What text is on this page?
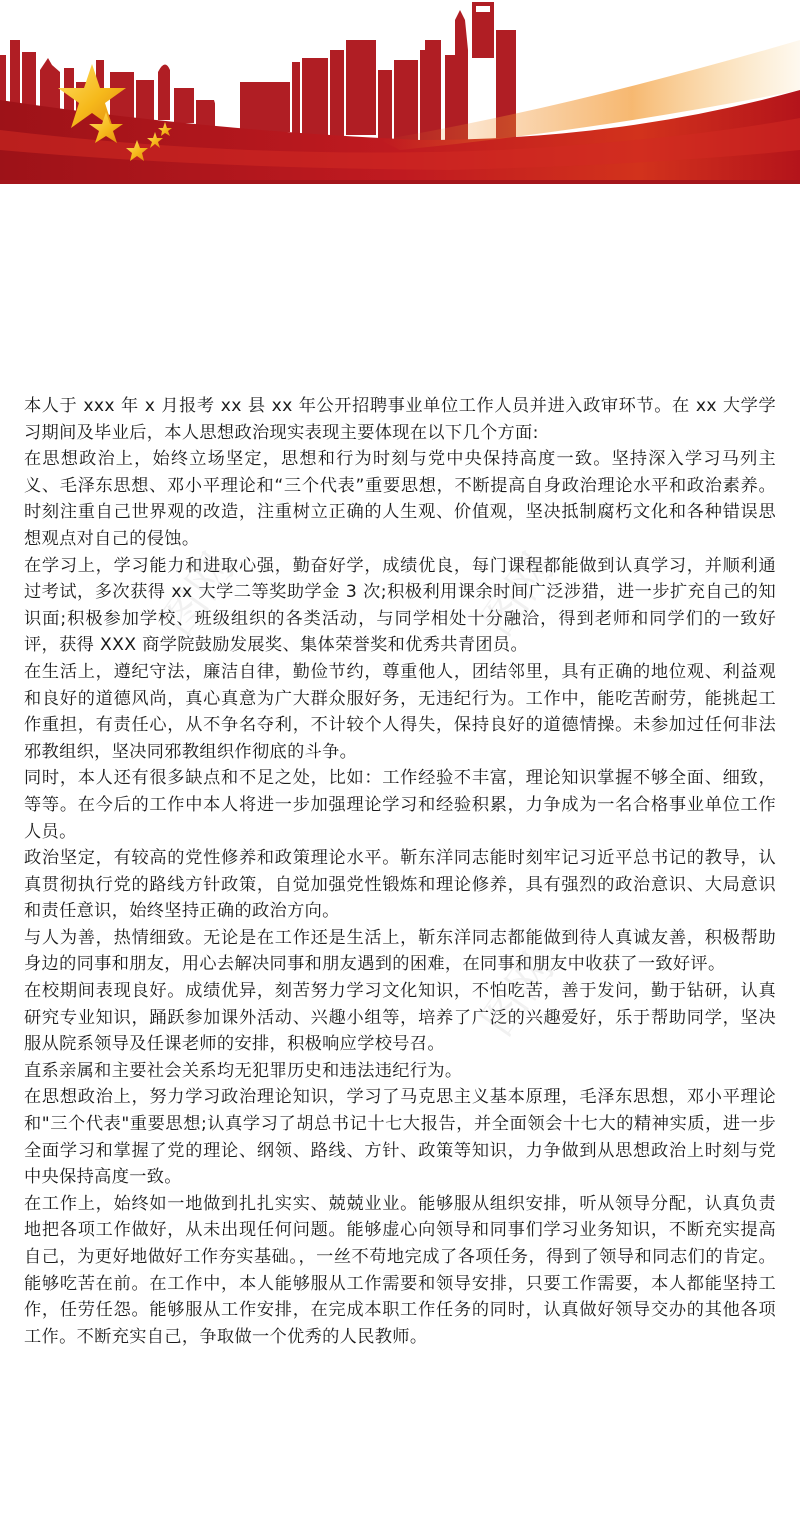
图网	图网
图网

本人于 xxx 年 x 月报考 xx 县 xx 年公开招聘事业单位工作人员并进入政审环节。在 xx 大学学习期间及毕业后，本人思想政治现实表现主要体现在以下几个方面:

在思想政治上，始终立场坚定，思想和行为时刻与党中央保持高度一致。坚持深入学习马列主义、毛泽东思想、邓小平理论和“三个代表”重要思想，不断提高自身政治理论水平和政治素养。时刻注重自己世界观的改造，注重树立正确的人生观、价值观，坚决抵制腐朽文化和各种错误思想观点对自己的侵蚀。

在学习上，学习能力和进取心强，勤奋好学，成绩优良，每门课程都能做到认真学习，并顺利通过考试，多次获得 xx 大学二等奖助学金 3 次;积极利用课余时间广泛涉猎，进一步扩充自己的知识面;积极参加学校、班级组织的各类活动，与同学相处十分融洽，得到老师和同学们的一致好评，获得 XXX 商学院鼓励发展奖、集体荣誉奖和优秀共青团员。

在生活上，遵纪守法，廉洁自律，勤俭节约，尊重他人，团结邻里，具有正确的地位观、利益观和良好的道德风尚，真心真意为广大群众服好务，无违纪行为。工作中，能吃苦耐劳，能挑起工作重担，有责任心，从不争名夺利，不计较个人得失，保持良好的道德情操。未参加过任何非法邪教组织，坚决同邪教组织作彻底的斗争。

同时，本人还有很多缺点和不足之处，比如：工作经验不丰富，理论知识掌握不够全面、细致，等等。在今后的工作中本人将进一步加强理论学习和经验积累，力争成为一名合格事业单位工作人员。

政治坚定，有较高的党性修养和政策理论水平。靳东洋同志能时刻牢记习近平总书记的教导，认真贯彻执行党的路线方针政策，自觉加强党性锻炼和理论修养，具有强烈的政治意识、大局意识和责任意识，始终坚持正确的政治方向。

与人为善，热情细致。无论是在工作还是生活上，靳东洋同志都能做到待人真诚友善，积极帮助身边的同事和朋友，用心去解决同事和朋友遇到的困难，在同事和朋友中收获了一致好评。

在校期间表现良好。成绩优异，刻苦努力学习文化知识，不怕吃苦，善于发问，勤于钻研，认真研究专业知识，踊跃参加课外活动、兴趣小组等，培养了广泛的兴趣爱好，乐于帮助同学，坚决服从院系领导及任课老师的安排，积极响应学校号召。

直系亲属和主要社会关系均无犯罪历史和违法违纪行为。

在思想政治上，努力学习政治理论知识，学习了马克思主义基本原理，毛泽东思想，邓小平理论和"三个代表"重要思想;认真学习了胡总书记十七大报告，并全面领会十七大的精神实质，进一步全面学习和掌握了党的理论、纲领、路线、方针、政策等知识，力争做到从思想政治上时刻与党中央保持高度一致。

在工作上，始终如一地做到扎扎实实、兢兢业业。能够服从组织安排，听从领导分配，认真负责地把各项工作做好，从未出现任何问题。能够虚心向领导和同事们学习业务知识，不断充实提高自己，为更好地做好工作夯实基础。，一丝不苟地完成了各项任务，得到了领导和同志们的肯定。能够吃苦在前。在工作中，本人能够服从工作需要和领导安排，只要工作需要，本人都能坚持工作，任劳任怨。能够服从工作安排，在完成本职工作任务的同时，认真做好领导交办的其他各项工作。不断充实自己，争取做一个优秀的人民教师。
